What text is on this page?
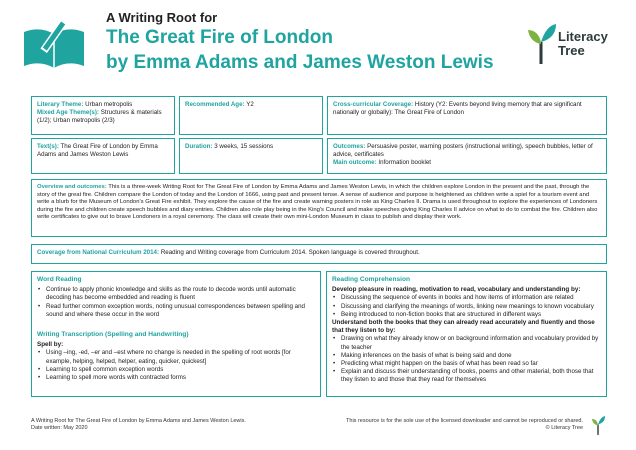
A Writing Root for
The Great Fire of London
by Emma Adams and James Weston Lewis
Literacy
Tree
Literary Theme: Urban metropolis
Mixed Age Theme(s): Structures & materials (1/2); Urban metropolis (2/3)
Recommended Age: Y2	Cross-curricular Coverage: History (Y2: Events beyond living memory that are significant nationally or globally): The Great Fire of London
Text(s): The Great Fire of London by Emma Adams and James Weston Lewis
Duration: 3 weeks, 15 sessions	Outcomes: Persuasive poster, warning posters (instructional writing), speech bubbles, letter of advice, certificates
Main outcome: Information booklet
Overview and outcomes: This is a three-week Writing Root for The Great Fire of London by Emma Adams and James Weston Lewis, in which the children explore London in the present and the past, through the story of the great fire. Children compare the London of today and the London of 1666, using past and present tense. A sense of audience and purpose is heightened as children write a spiel for a tourism event and write a blurb for the Museum of London's Great Fire exhibit. They explore the cause of the fire and create warning posters in role as King Charles II. Drama is used throughout to explore the experiences of Londoners during the fire and children create speech bubbles and diary entries. Children also role play being in the King's Council and make speeches giving King Charles II advice on what to do to combat the fire. Children also write certificates to give out to brave Londoners in a royal ceremony. The class will create their own mini-London Museum in class to publish and display their work.
Coverage from National Curriculum 2014: Reading and Writing coverage from Curriculum 2014. Spoken language is covered throughout.
Word Reading
• Continue to apply phonic knowledge and skills as the route to decode words until automatic decoding has become embedded and reading is fluent
• Read further common exception words, noting unusual correspondences between spelling and sound and where these occur in the word
Writing Transcription (Spelling and Handwriting)
Spell by:
• Using –ing, -ed, –er and –est where no change is needed in the spelling of root words [for example, helping, helped, helper, eating, quicker, quickest]
• Learning to spell common exception words
• Learning to spell more words with contracted forms
Reading Comprehension
Develop pleasure in reading, motivation to read, vocabulary and understanding by:
• Discussing the sequence of events in books and how items of information are related
• Discussing and clarifying the meanings of words, linking new meanings to known vocabulary
• Being introduced to non-fiction books that are structured in different ways
Understand both the books that they can already read accurately and fluently and those that they listen to by:
• Drawing on what they already know or on background information and vocabulary provided by the teacher
• Making inferences on the basis of what is being said and done
• Predicting what might happen on the basis of what has been read so far
• Explain and discuss their understanding of books, poems and other material, both those that they listen to and those that they read for themselves
A Writing Root for The Great Fire of London by Emma Adams and James Weston Lewis.
Date written: May 2020
This resource is for the sole use of the licensed downloader and cannot be reproduced or shared.
© Literacy Tree
